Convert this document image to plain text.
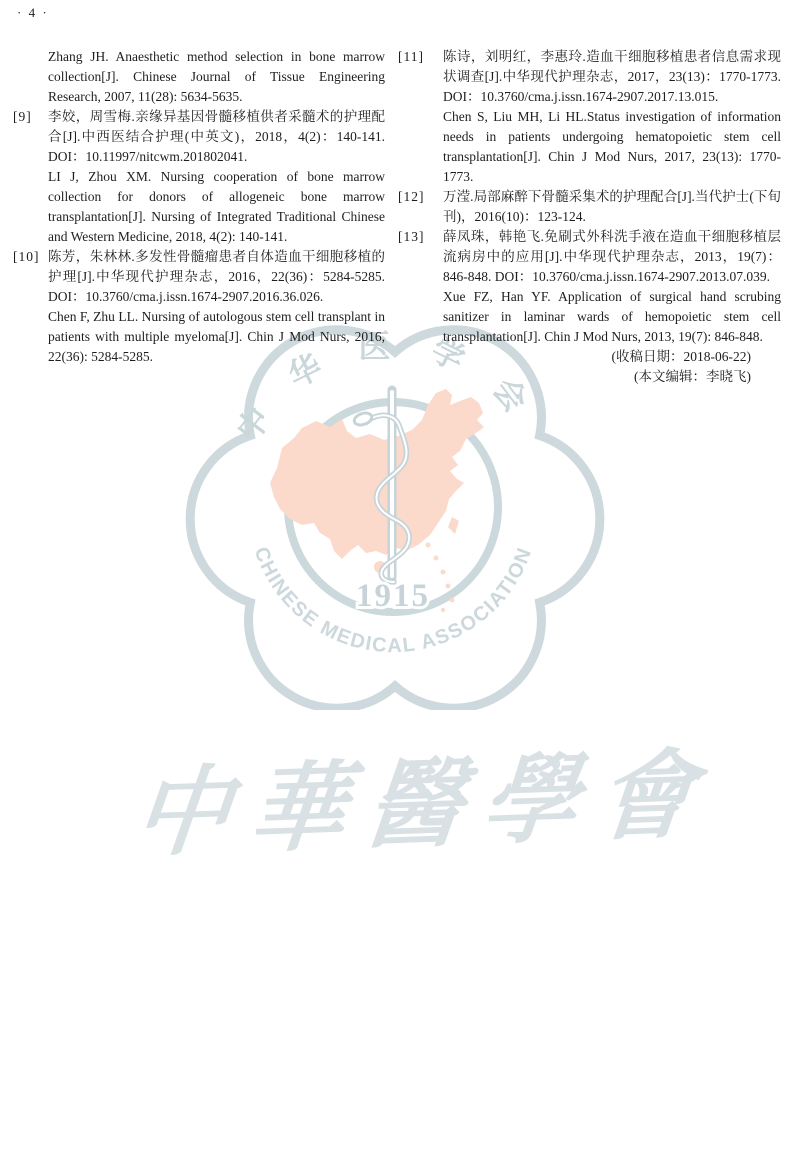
· 4 ·
中华医学会
CHINESE MEDICAL ASSOCIATION
1915
中華醫學會

Zhang JH. Anaesthetic method selection in bone marrow collection[J]. Chinese Journal of Tissue Engineering Research, 2007, 11(28): 5634-5635.

[9]	李姣，周雪梅.亲缘异基因骨髓移植供者采髓术的护理配合[J].中西医结合护理(中英文)，2018，4(2)：140-141. DOI：10.11997/nitcwm.201802041.

LI J, Zhou XM. Nursing cooperation of bone marrow collection for donors of allogeneic bone marrow transplantation[J]. Nursing of Integrated Traditional Chinese and Western Medicine, 2018, 4(2): 140-141.

[10] 陈芳，朱林林.多发性骨髓瘤患者自体造血干细胞移植的护理[J].中华现代护理杂志，2016，22(36)：5284-5285. DOI：10.3760/cma.j.issn.1674-2907.2016.36.026.

Chen F, Zhu LL. Nursing of autologous stem cell transplant in patients with multiple myeloma[J]. Chin J Mod Nurs, 2016, 22(36): 5284-5285.

[11]	陈诗，刘明红，李惠玲.造血干细胞移植患者信息需求现状调查[J].中华现代护理杂志，2017，23(13)：1770-1773. DOI：10.3760/cma.j.issn.1674-2907.2017.13.015.

Chen S, Liu MH, Li HL.Status investigation of information needs in patients undergoing hematopoietic stem cell transplantation[J]. Chin J Mod Nurs, 2017, 23(13): 1770-1773.

[12]	万滢.局部麻醉下骨髓采集术的护理配合[J].当代护士(下旬刊)，2016(10)：123-124.

[13]	薛凤珠，韩艳飞.免刷式外科洗手液在造血干细胞移植层流病房中的应用[J].中华现代护理杂志，2013，19(7)：846-848. DOI：10.3760/cma.j.issn.1674-2907.2013.07.039.

Xue FZ, Han YF. Application of surgical hand scrubing sanitizer in laminar wards of hemopoietic stem cell transplantation[J]. Chin J Mod Nurs, 2013, 19(7): 846-848.

(收稿日期：2018-06-22)
(本文编辑：李晓飞)
